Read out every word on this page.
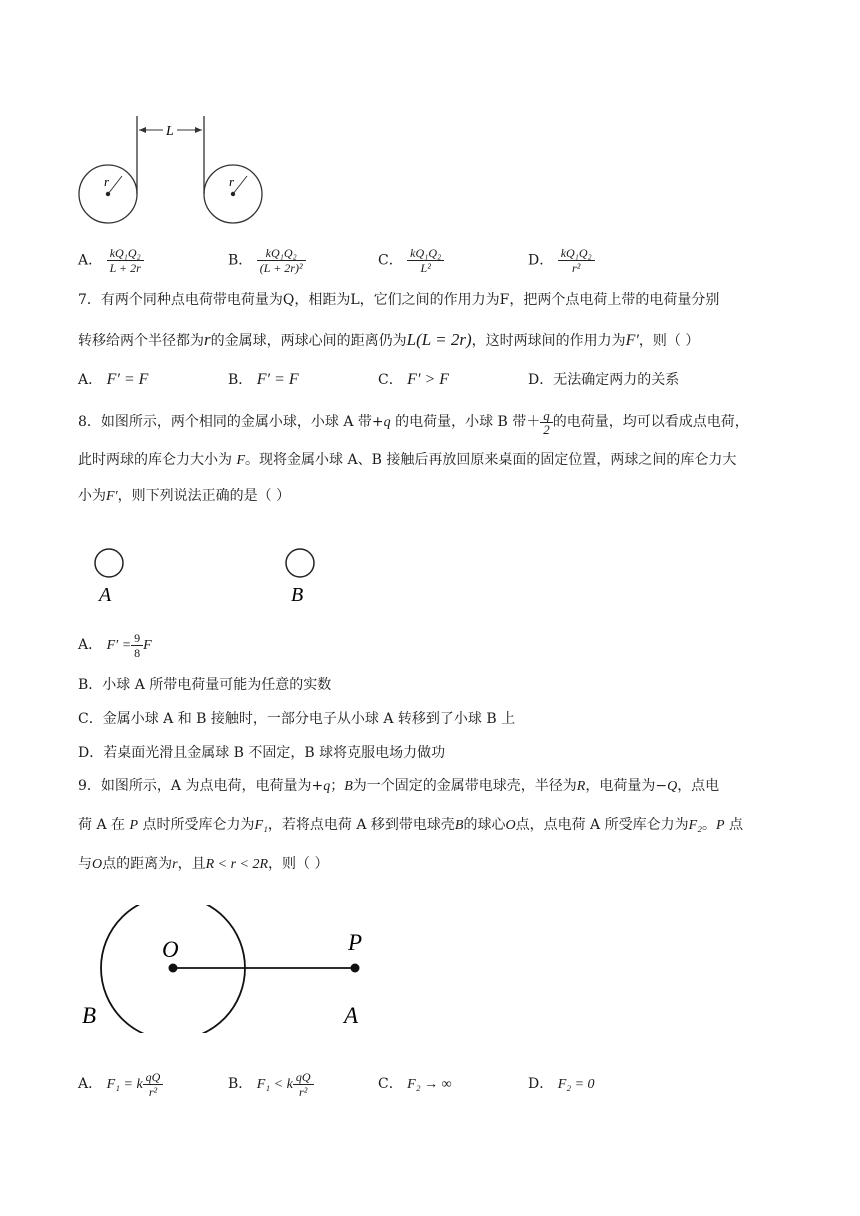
L
r	r
A． $\frac{\text{kQ₁Q₂}}{L + 2r}$	B． $\frac{\text{kQ₁Q₂}}{\text{(L + 2r)²}}$	C． $\frac{\text{kQ₁Q₂}}{\text{L²}}$	D． $\frac{\text{kQ₁Q₂}}{\text{r²}}$
7．有两个同种点电荷带电荷量为Q，相距为L，它们之间的作用力为F，把两个点电荷上带的电荷量分别
转移给两个半径都为r的金属球，两球心间的距离仍为L(L = 2r)，这时两球间的作用力为F′，则（ ）
A． F′ = F	B． F′ = F	C． F′ > F	D．无法确定两力的关系
8．如图所示，两个相同的金属小球，小球 A 带+q 的电荷量，小球 B 带＋ $\frac{q}{2}$ 的电荷量，均可以看成点电荷，
此时两球的库仑力大小为 F。现将金属小球 A、B 接触后再放回原来桌面的固定位置，两球之间的库仑力大
小为F′，则下列说法正确的是（ ）
A	B
A． $F' = \frac{9}{8}$ F
B．小球 A 所带电荷量可能为任意的实数
C．金属小球 A 和 B 接触时，一部分电子从小球 A 转移到了小球 B 上
D．若桌面光滑且金属球 B 不固定，B 球将克服电场力做功
9．如图所示，A 为点电荷，电荷量为+q；B为一个固定的金属带电球壳，半径为R，电荷量为−Q，点电
荷 A 在 P 点时所受库仑力为F₁，若将点电荷 A 移到带电球壳B的球心O点，点电荷 A 所受库仑力为F₂。P 点
与O点的距离为r，且R < r < 2R，则（ ）
O	P
B	A
A． F₁ = k $\frac{qQ}{\text{r²}}$	B． F₁ < k $\frac{qQ}{\text{r²}}$	C． F₂ → ∞	D． F₂ = 0
